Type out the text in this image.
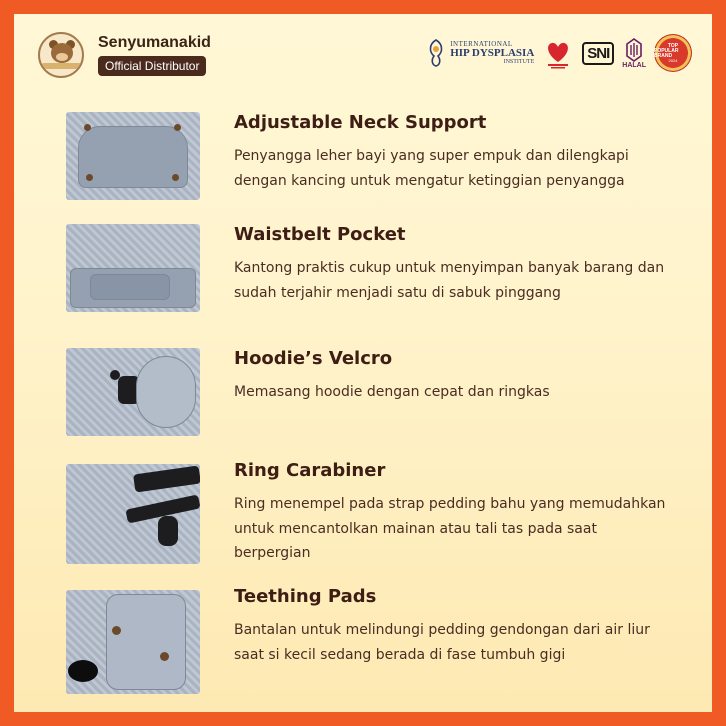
Senyumanakid
Official Distributor
INTERNATIONAL
HIP DYSPLASIA
INSTITUTE
SNI
HALAL
TOP
POPULAR BRAND
2024
Adjustable Neck Support
Penyangga leher bayi yang super empuk dan dilengkapi dengan kancing untuk mengatur ketinggian penyangga
Waistbelt Pocket
Kantong praktis cukup untuk menyimpan banyak barang dan sudah terjahir menjadi satu di sabuk pinggang
Hoodie’s Velcro
Memasang hoodie dengan cepat dan ringkas
Ring Carabiner
Ring menempel pada strap pedding bahu yang memudahkan untuk mencantolkan mainan atau tali tas pada saat berpergian
Teething Pads
Bantalan untuk melindungi pedding gendongan dari air liur saat si kecil sedang berada di fase tumbuh gigi
